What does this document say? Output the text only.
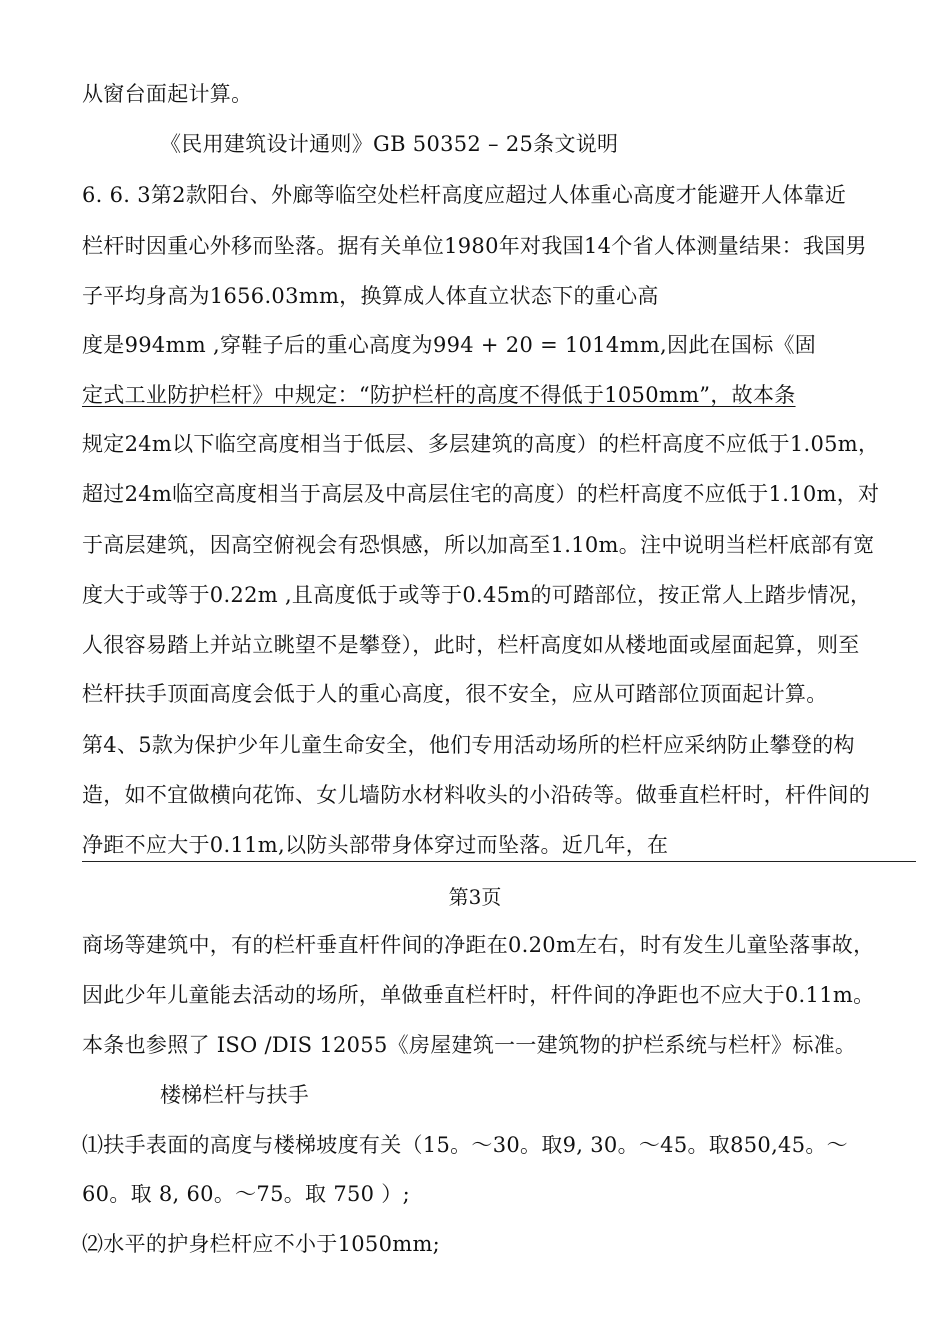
从窗台面起计算。
《民用建筑设计通则》GB 50352 – 25条文说明
6. 6. 3第2款阳台、外廊等临空处栏杆高度应超过人体重心高度才能避开人体靠近
栏杆时因重心外移而坠落。据有关单位1980年对我国14个省人体测量结果：我国男
子平均身高为1656.03mm，换算成人体直立状态下的重心高
度是994mm ,穿鞋子后的重心高度为994 + 20 = 1014mm,因此在国标《固
定式工业防护栏杆》中规定：“防护栏杆的高度不得低于1050mm”，故本条
规定24m以下临空高度相当于低层、多层建筑的高度）的栏杆高度不应低于1.05m，
超过24m临空高度相当于高层及中高层住宅的高度）的栏杆高度不应低于1.10m，对
于高层建筑，因高空俯视会有恐惧感，所以加高至1.10m。注中说明当栏杆底部有宽
度大于或等于0.22m ,且高度低于或等于0.45m的可踏部位，按正常人上踏步情况，
人很容易踏上并站立眺望不是攀登），此时，栏杆高度如从楼地面或屋面起算，则至
栏杆扶手顶面高度会低于人的重心高度，很不安全，应从可踏部位顶面起计算。
第4、5款为保护少年儿童生命安全，他们专用活动场所的栏杆应采纳防止攀登的构
造，如不宜做横向花饰、女儿墙防水材料收头的小沿砖等。做垂直栏杆时，杆件间的
净距不应大于0.11m,以防头部带身体穿过而坠落。近几年，在
第3页
商场等建筑中，有的栏杆垂直杆件间的净距在0.20m左右，时有发生儿童坠落事故，
因此少年儿童能去活动的场所，单做垂直栏杆时，杆件间的净距也不应大于0.11m。
本条也参照了 ISO /DIS 12055《房屋建筑一一建筑物的护栏系统与栏杆》标准。
楼梯栏杆与扶手
⑴扶手表面的高度与楼梯坡度有关（15。〜30。取9, 30。〜45。取850,45。〜
60。取 8, 60。〜75。取 750 ）;
⑵水平的护身栏杆应不小于1050mm;
